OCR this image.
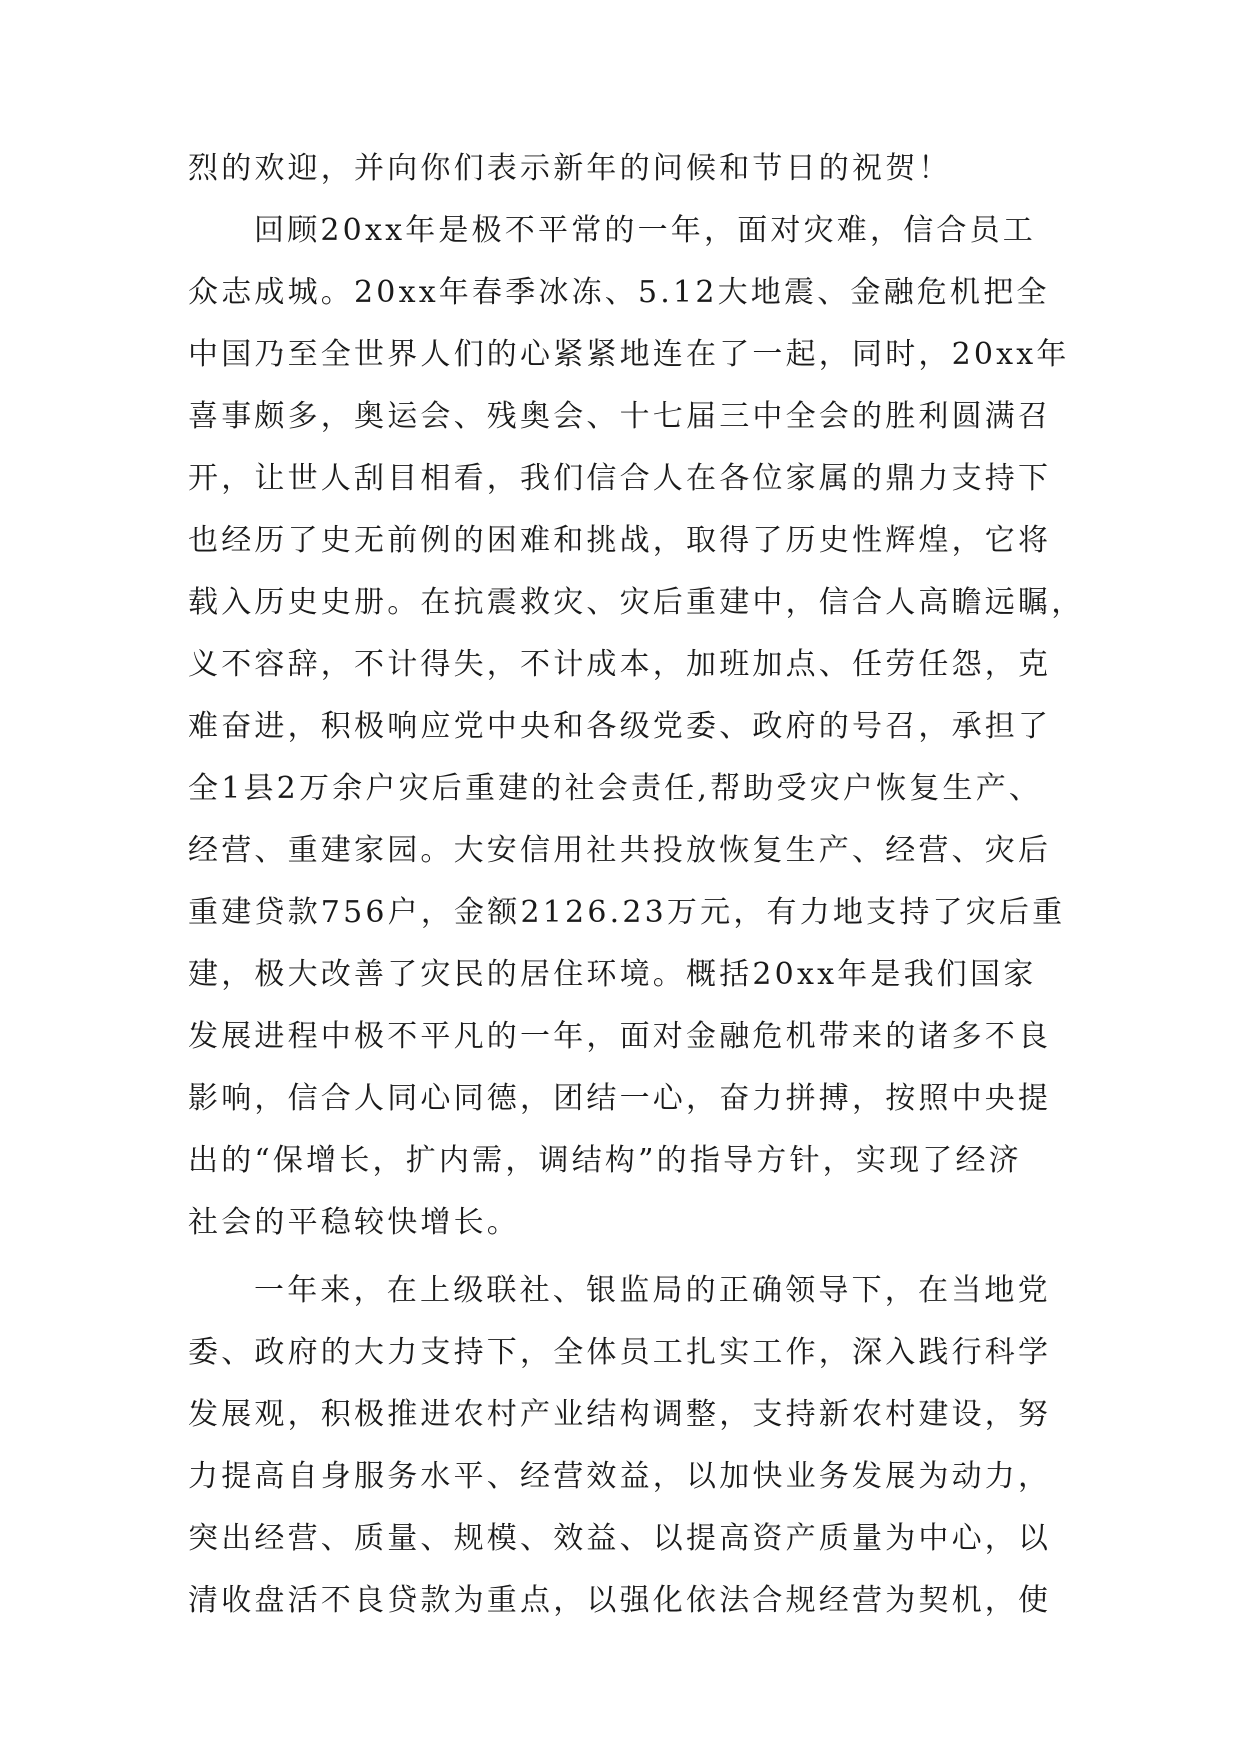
烈的欢迎，并向你们表示新年的问候和节日的祝贺！
回顾20xx年是极不平常的一年，面对灾难，信合员工
众志成城。20xx年春季冰冻、5.12大地震、金融危机把全
中国乃至全世界人们的心紧紧地连在了一起，同时，20xx年
喜事颇多，奥运会、残奥会、十七届三中全会的胜利圆满召
开，让世人刮目相看，我们信合人在各位家属的鼎力支持下
也经历了史无前例的困难和挑战，取得了历史性辉煌，它将
载入历史史册。在抗震救灾、灾后重建中，信合人高瞻远瞩，
义不容辞，不计得失，不计成本，加班加点、任劳任怨，克
难奋进，积极响应党中央和各级党委、政府的号召，承担了
全1县2万余户灾后重建的社会责任,帮助受灾户恢复生产、
经营、重建家园。大安信用社共投放恢复生产、经营、灾后
重建贷款756户，金额2126.23万元，有力地支持了灾后重
建，极大改善了灾民的居住环境。概括20xx年是我们国家
发展进程中极不平凡的一年，面对金融危机带来的诸多不良
影响，信合人同心同德，团结一心，奋力拼搏，按照中央提
出的“保增长，扩内需，调结构”的指导方针，实现了经济
社会的平稳较快增长。
一年来，在上级联社、银监局的正确领导下，在当地党
委、政府的大力支持下，全体员工扎实工作，深入践行科学
发展观，积极推进农村产业结构调整，支持新农村建设，努
力提高自身服务水平、经营效益，以加快业务发展为动力，
突出经营、质量、规模、效益、以提高资产质量为中心，以
清收盘活不良贷款为重点，以强化依法合规经营为契机，使
